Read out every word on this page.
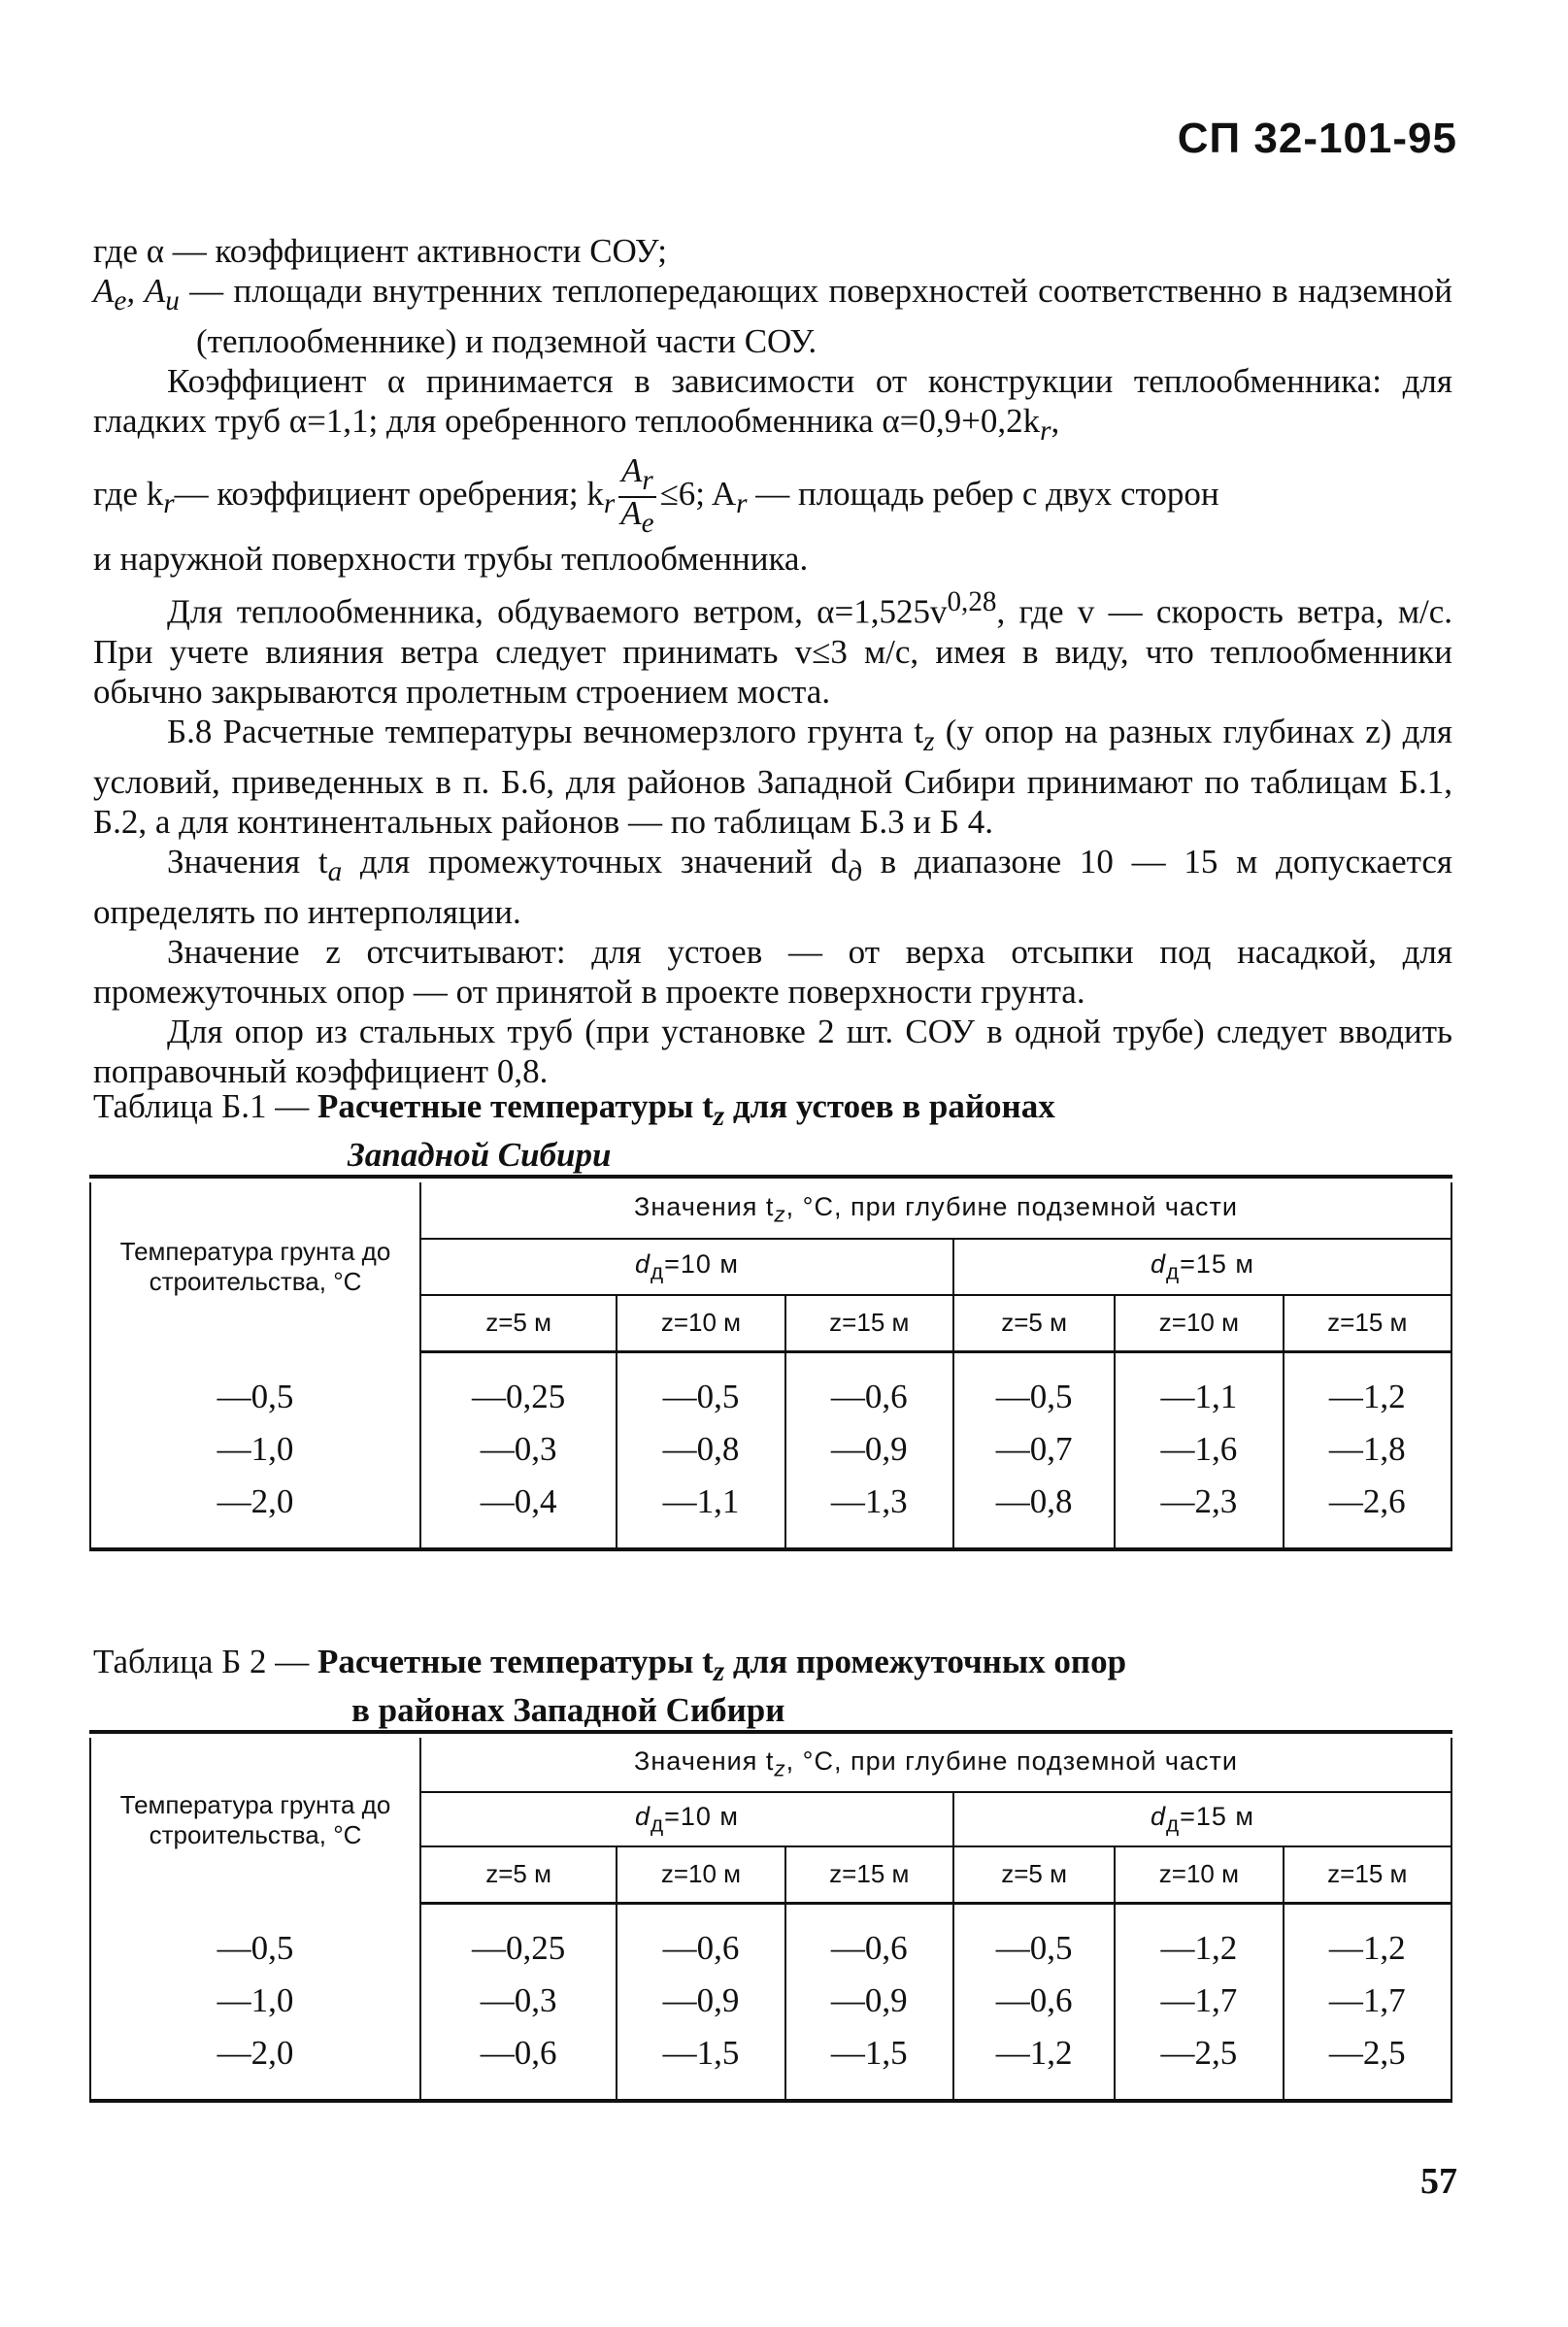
СП 32-101-95

где α — коэффициент активности СОУ;

$A_e$, $A_u$ — площади внутренних теплопередающих поверхностей соответственно в надземной (теплообменнике) и подземной части СОУ.

Коэффициент α принимается в зависимости от конструкции теплообменника: для гладких труб α=1,1; для оребренного теплообменника $\alpha=0,9+0,2k_r$,

где $k_r—$ коэффициент оребрения; $k_r \frac{A_r}{A_e} \le 6$; $A_r$ — площадь ребер с двух сторон

и наружной поверхности трубы теплообменника.

Для теплообменника, обдуваемого ветром, $\alpha=1,525v^{0,28}$, где v — скорость ветра, м/с. При учете влияния ветра следует принимать v≤3 м/с, имея в виду, что теплообменники обычно закрываются пролетным строением моста.

Б.8 Расчетные температуры вечномерзлого грунта $t_z$ (у опор на разных глубинах z) для условий, приведенных в п. Б.6, для районов Западной Сибири принимают по таблицам Б.1, Б.2, а для континентальных районов — по таблицам Б.3 и Б 4.

Значения $t_a$ для промежуточных значений $d_д$ в диапазоне 10 — 15 м допускается определять по интерполяции.

Значение z отсчитывают: для устоев — от верха отсыпки под насадкой, для промежуточных опор — от принятой в проекте поверхности грунта.

Для опор из стальных труб (при установке 2 шт. СОУ в одной трубе) следует вводить поправочный коэффициент 0,8.

Таблица Б.1 — Расчетные температуры $t_z$ для устоев в районах
Западной Сибири
Температура грунта до строительства, °С	Значения $t_z$, °С, при глубине подземной части					
	$d_д=10$ м			$d_д=15$ м		
	z=5 м	z=10 м	z=15 м	z=5 м	z=10 м	z=15 м

—0,5	—0,25	—0,5	—0,6	—0,5	—1,1	—1,2
—1,0	—0,3	—0,8	—0,9	—0,7	—1,6	—1,8
—2,0	—0,4	—1,1	—1,3	—0,8	—2,3	—2,6

Таблица Б 2 — Расчетные температуры $t_z$ для промежуточных опор
в районах Западной Сибири
Температура грунта до строительства, °С	Значения $t_z$, °С, при глубине подземной части					
	$d_д=10$ м			$d_д=15$ м		
	z=5 м	z=10 м	z=15 м	z=5 м	z=10 м	z=15 м

—0,5	—0,25	—0,6	—0,6	—0,5	—1,2	—1,2
—1,0	—0,3	—0,9	—0,9	—0,6	—1,7	—1,7
—2,0	—0,6	—1,5	—1,5	—1,2	—2,5	—2,5

57
